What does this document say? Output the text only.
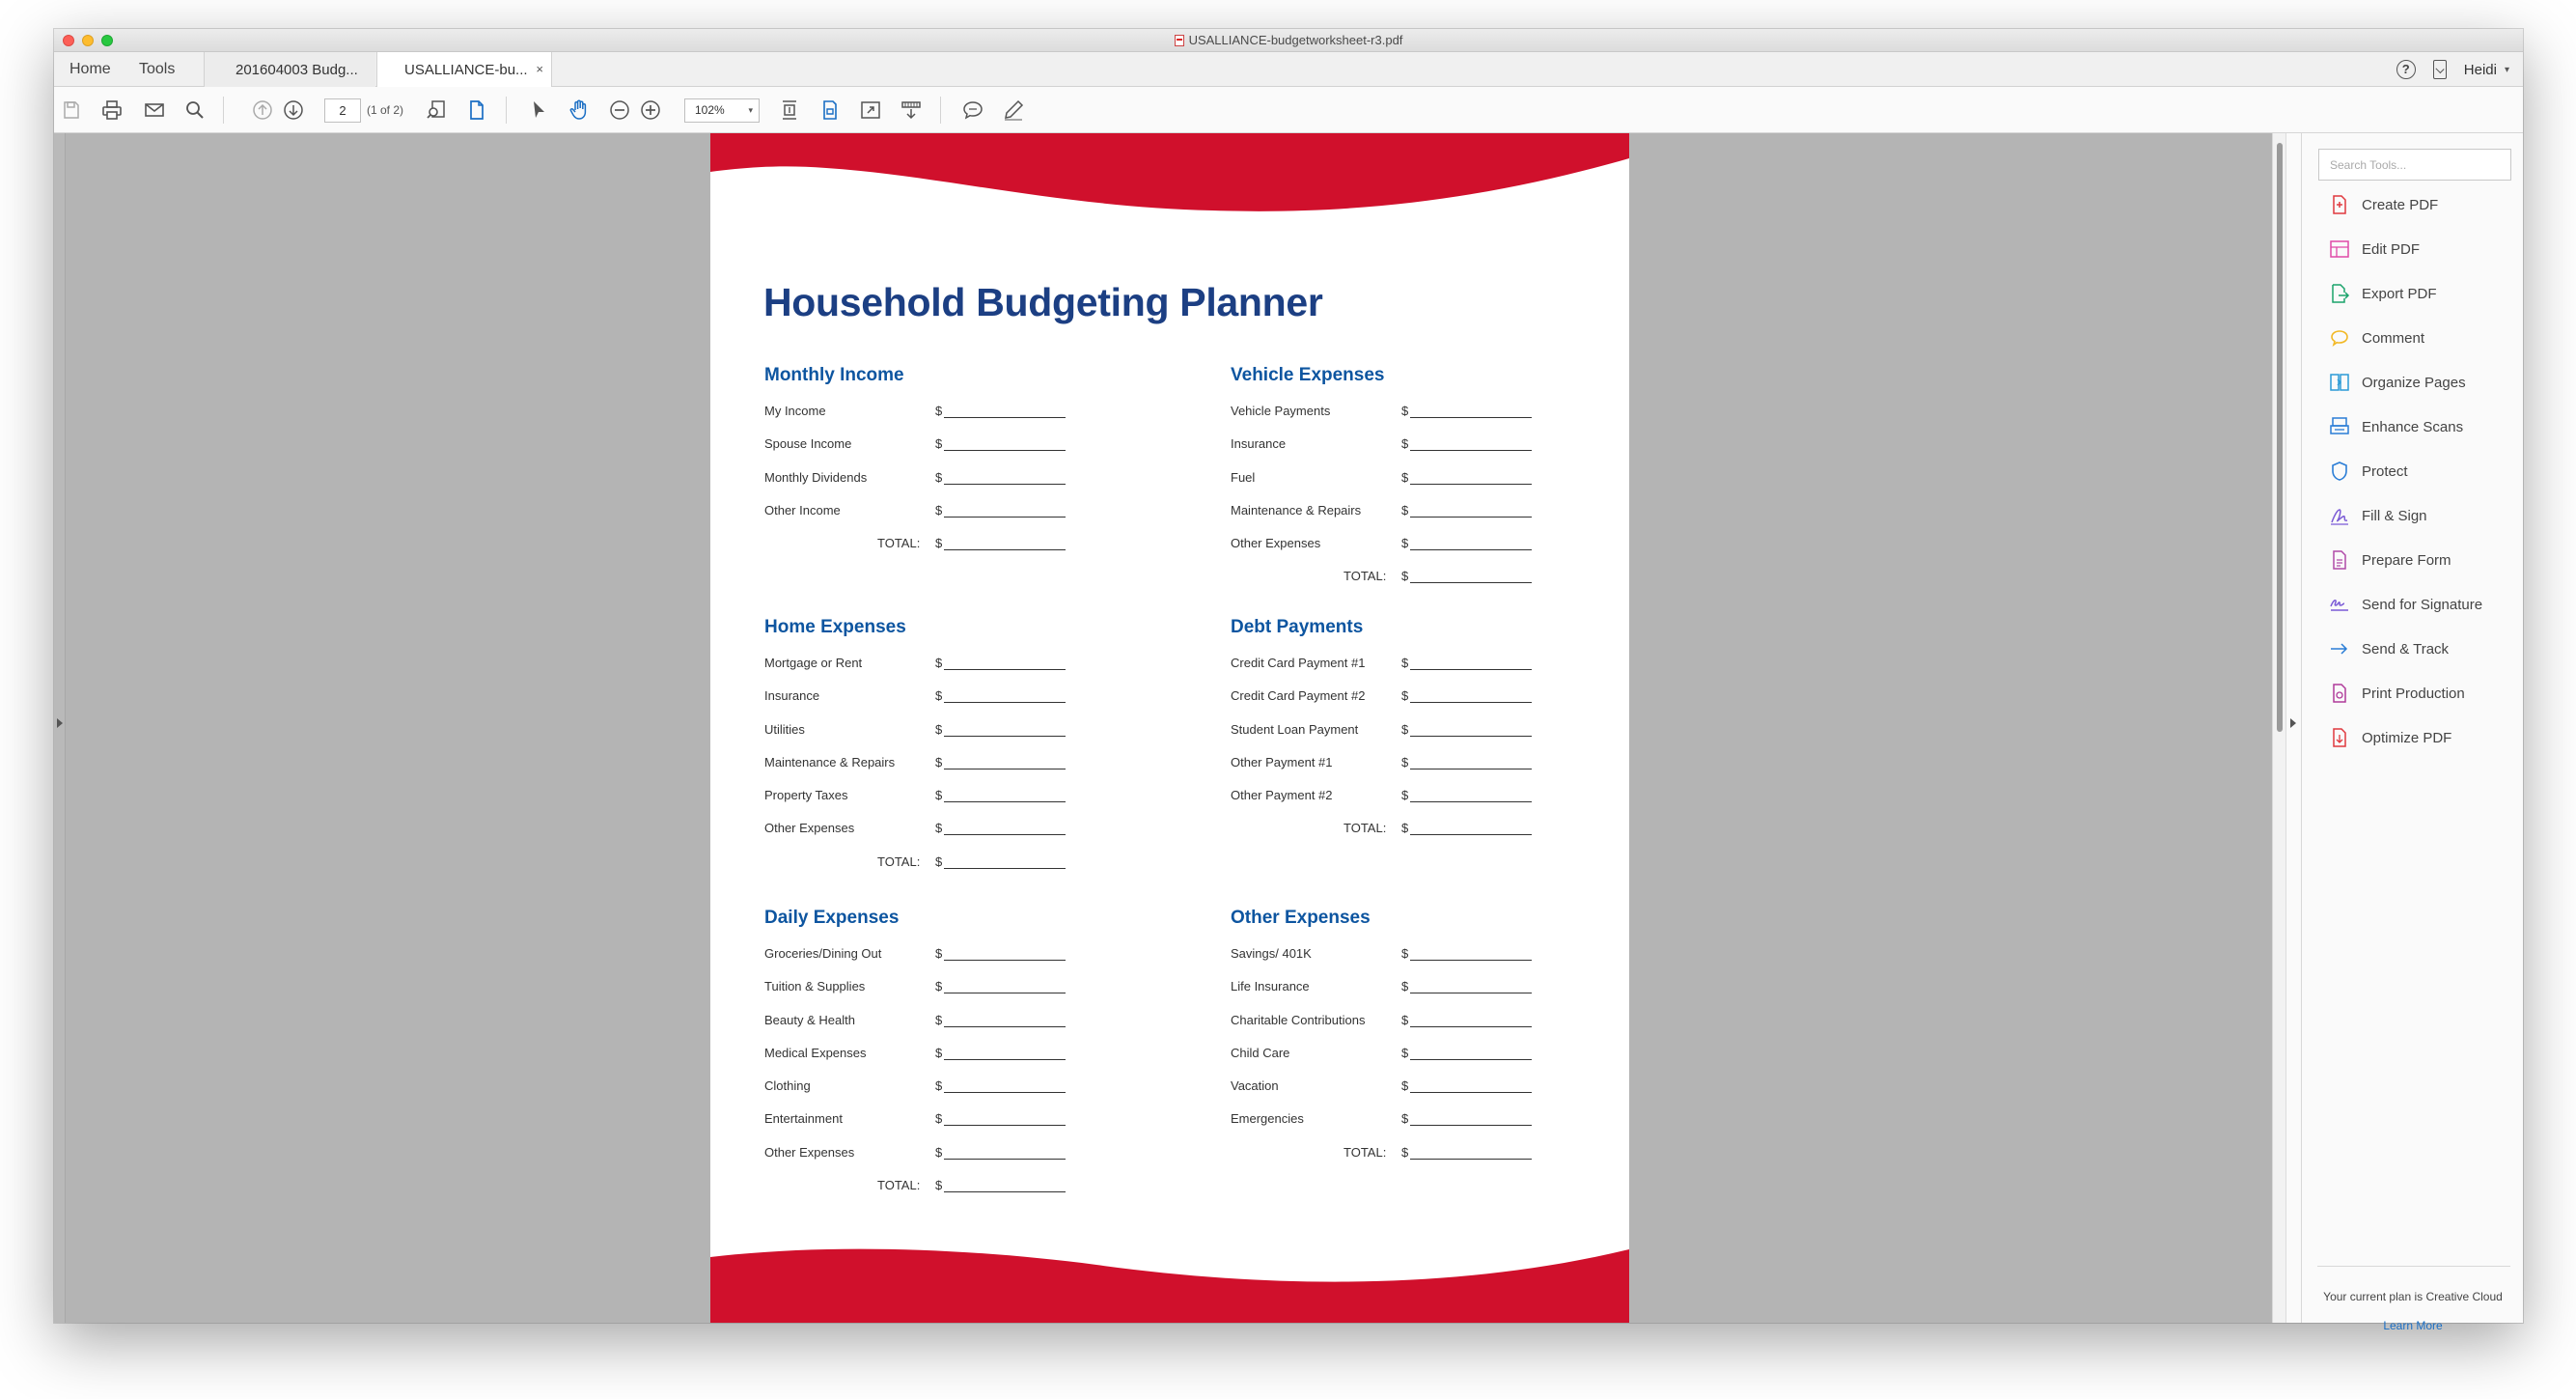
USALLIANCE-budgetworksheet-r3.pdf
Home Tools	201604003 Budg...	USALLIANCE-bu... ×	?	Heidi ▾
2	(1 of 2)	102%	▾
Household Budgeting Planner
Monthly Income
My Income	$
Spouse Income	$
Monthly Dividends	$
Other Income	$
TOTAL: $
Vehicle Expenses
Vehicle Payments	$
Insurance	$
Fuel	$
Maintenance & Repairs	$
Other Expenses	$
TOTAL: $
Home Expenses
Mortgage or Rent	$
Insurance	$
Utilities	$
Maintenance & Repairs	$
Property Taxes	$
Other Expenses	$
TOTAL: $
Debt Payments
Credit Card Payment #1	$
Credit Card Payment #2	$
Student Loan Payment	$
Other Payment #1	$
Other Payment #2	$
TOTAL: $
Daily Expenses
Groceries/Dining Out	$
Tuition & Supplies	$
Beauty & Health	$
Medical Expenses	$
Clothing	$
Entertainment	$
Other Expenses	$
TOTAL: $
Other Expenses
Savings/ 401K	$
Life Insurance	$
Charitable Contributions	$
Child Care	$
Vacation	$
Emergencies	$
TOTAL: $
Search Tools...
Create PDF
Edit PDF
Export PDF
Comment
Organize Pages
Enhance Scans
Protect
Fill & Sign
Prepare Form
Send for Signature
Send & Track
Print Production
Optimize PDF
Your current plan is Creative Cloud
Learn More
